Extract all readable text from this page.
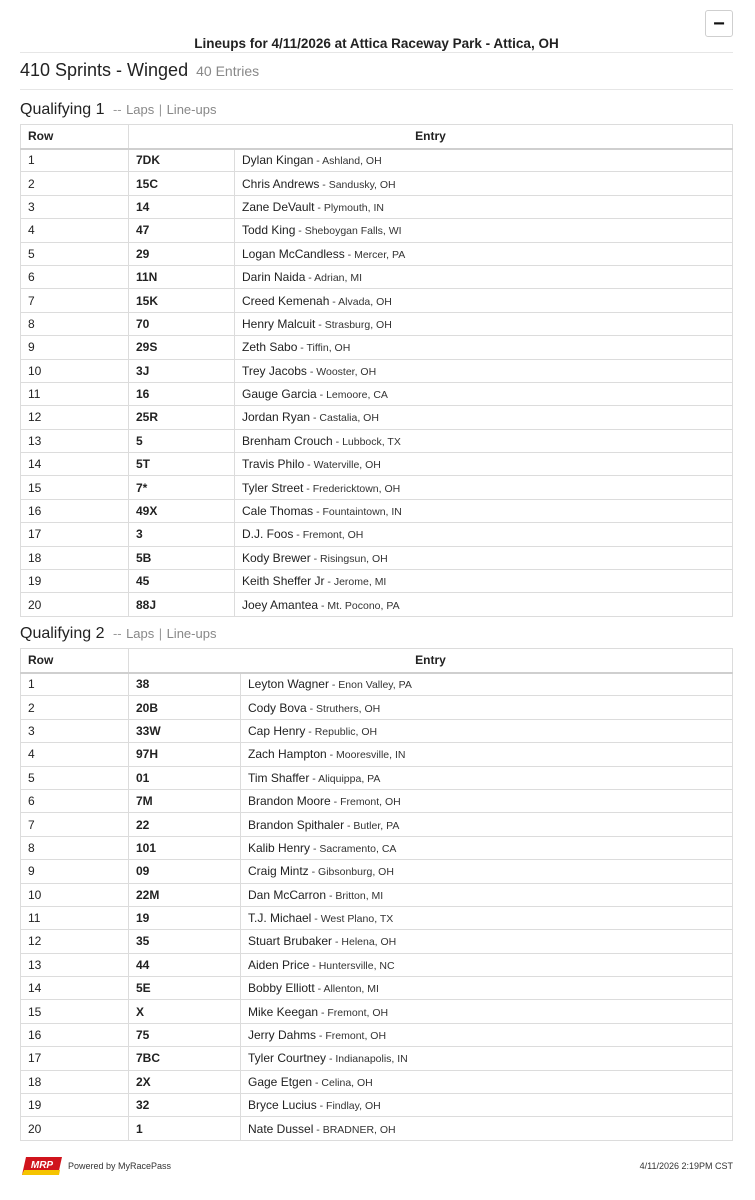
−
Lineups for 4/11/2026 at Attica Raceway Park - Attica, OH
410 Sprints - Winged 40 Entries
Qualifying 1 -- Laps | Line-ups
Row	Entry	
1	7DK	Dylan Kingan - Ashland, OH
2	15C	Chris Andrews - Sandusky, OH
3	14	Zane DeVault - Plymouth, IN
4	47	Todd King - Sheboygan Falls, WI
5	29	Logan McCandless - Mercer, PA
6	11N	Darin Naida - Adrian, MI
7	15K	Creed Kemenah - Alvada, OH
8	70	Henry Malcuit - Strasburg, OH
9	29S	Zeth Sabo - Tiffin, OH
10	3J	Trey Jacobs - Wooster, OH
11	16	Gauge Garcia - Lemoore, CA
12	25R	Jordan Ryan - Castalia, OH
13	5	Brenham Crouch - Lubbock, TX
14	5T	Travis Philo - Waterville, OH
15	7*	Tyler Street - Fredericktown, OH
16	49X	Cale Thomas - Fountaintown, IN
17	3	D.J. Foos - Fremont, OH
18	5B	Kody Brewer - Risingsun, OH
19	45	Keith Sheffer Jr - Jerome, MI
20	88J	Joey Amantea - Mt. Pocono, PA
Qualifying 2 -- Laps | Line-ups
Row	Entry	
1	38	Leyton Wagner - Enon Valley, PA
2	20B	Cody Bova - Struthers, OH
3	33W	Cap Henry - Republic, OH
4	97H	Zach Hampton - Mooresville, IN
5	01	Tim Shaffer - Aliquippa, PA
6	7M	Brandon Moore - Fremont, OH
7	22	Brandon Spithaler - Butler, PA
8	101	Kalib Henry - Sacramento, CA
9	09	Craig Mintz - Gibsonburg, OH
10	22M	Dan McCarron - Britton, MI
11	19	T.J. Michael - West Plano, TX
12	35	Stuart Brubaker - Helena, OH
13	44	Aiden Price - Huntersville, NC
14	5E	Bobby Elliott - Allenton, MI
15	X	Mike Keegan - Fremont, OH
16	75	Jerry Dahms - Fremont, OH
17	7BC	Tyler Courtney - Indianapolis, IN
18	2X	Gage Etgen - Celina, OH
19	32	Bryce Lucius - Findlay, OH
20	1	Nate Dussel - BRADNER, OH
MRP Powered by MyRacePass	4/11/2026 2:19PM CST
